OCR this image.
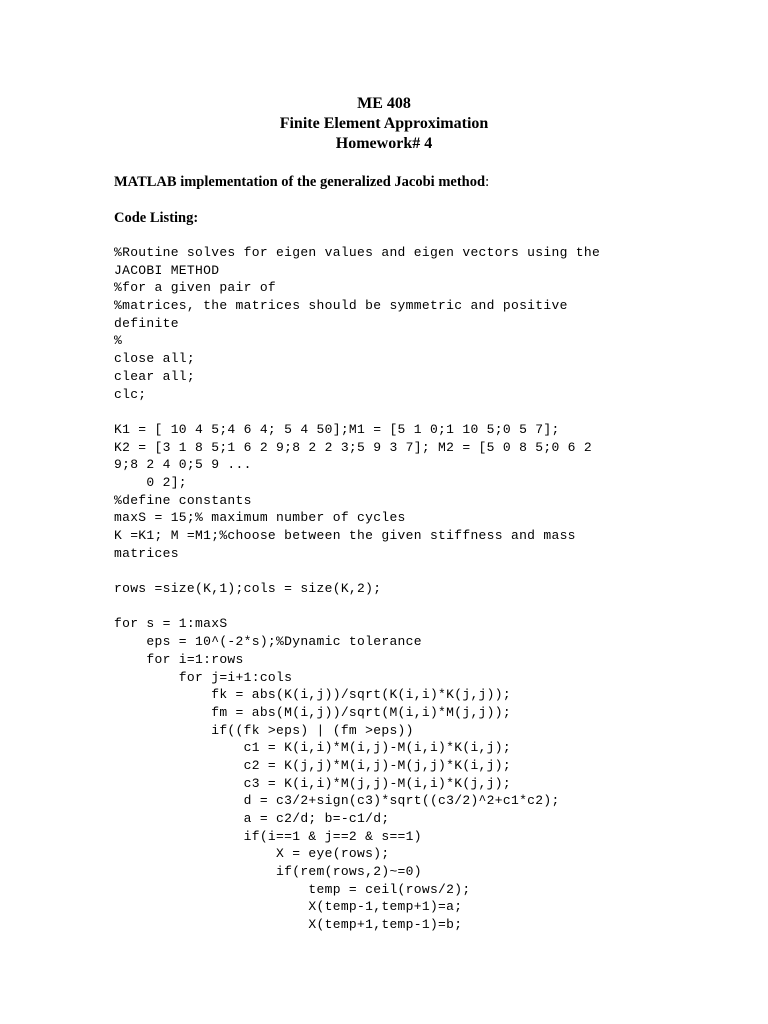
ME 408
Finite Element Approximation
Homework# 4
MATLAB implementation of the generalized Jacobi method:
Code Listing:
%Routine solves for eigen values and eigen vectors using the
JACOBI METHOD
%for a given pair of
%matrices, the matrices should be symmetric and positive
definite
%
close all;
clear all;
clc;
K1 = [ 10 4 5;4 6 4; 5 4 50];M1 = [5 1 0;1 10 5;0 5 7];
K2 = [3 1 8 5;1 6 2 9;8 2 2 3;5 9 3 7]; M2 = [5 0 8 5;0 6 2
9;8 2 4 0;5 9 ...
0 2];
%define constants
maxS = 15;% maximum number of cycles
K =K1; M =M1;%choose between the given stiffness and mass
matrices
rows =size(K,1);cols = size(K,2);
for s = 1:maxS
eps = 10^(-2*s);%Dynamic tolerance
for i=1:rows
for j=i+1:cols
fk = abs(K(i,j))/sqrt(K(i,i)*K(j,j));
fm = abs(M(i,j))/sqrt(M(i,i)*M(j,j));
if((fk >eps) | (fm >eps))
c1 = K(i,i)*M(i,j)-M(i,i)*K(i,j);
c2 = K(j,j)*M(i,j)-M(j,j)*K(i,j);
c3 = K(i,i)*M(j,j)-M(i,i)*K(j,j);
d = c3/2+sign(c3)*sqrt((c3/2)^2+c1*c2);
a = c2/d; b=-c1/d;
if(i==1 & j==2 & s==1)
X = eye(rows);
if(rem(rows,2)~=0)
temp = ceil(rows/2);
X(temp-1,temp+1)=a;
X(temp+1,temp-1)=b;
